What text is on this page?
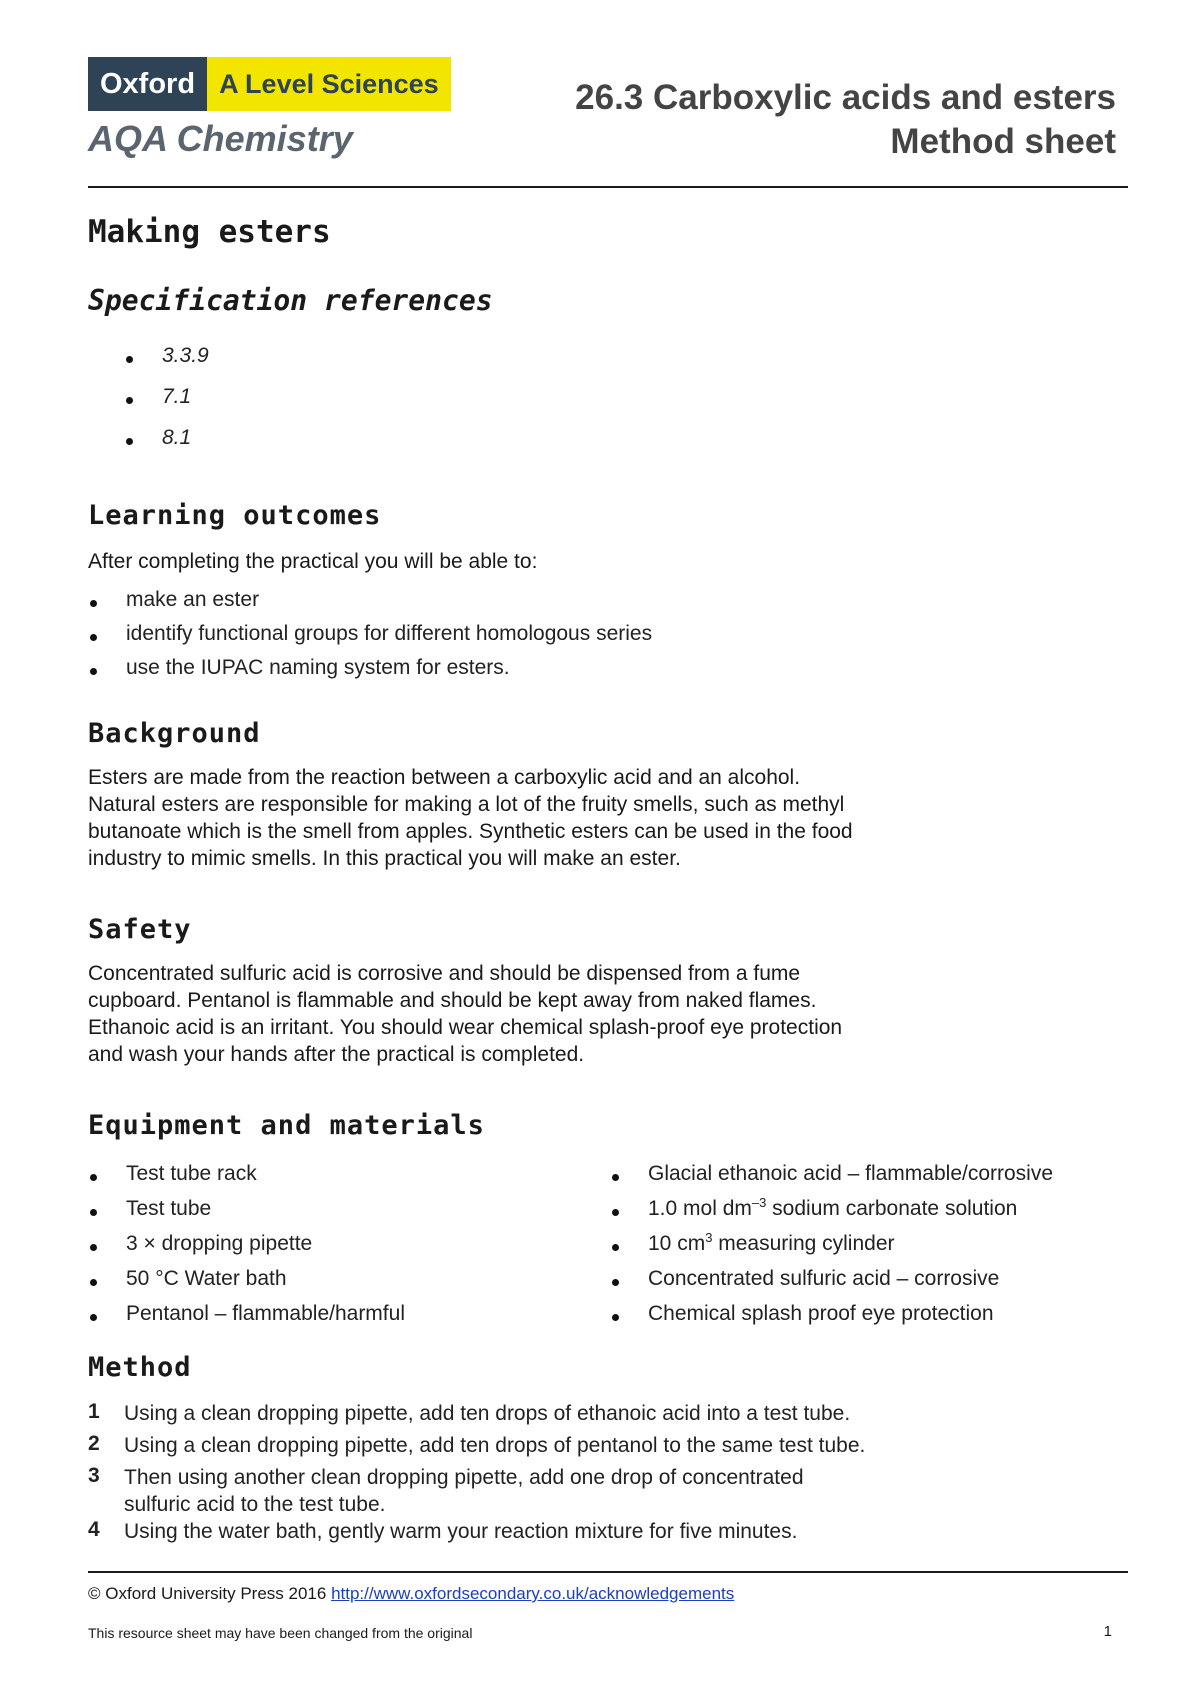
Oxford A Level Sciences
AQA Chemistry
26.3 Carboxylic acids and esters
Method sheet
Making esters
Specification references
3.3.9
7.1
8.1
Learning outcomes
After completing the practical you will be able to:
make an ester
identify functional groups for different homologous series
use the IUPAC naming system for esters.
Background
Esters are made from the reaction between a carboxylic acid and an alcohol.
Natural esters are responsible for making a lot of the fruity smells, such as methyl
butanoate which is the smell from apples. Synthetic esters can be used in the food
industry to mimic smells. In this practical you will make an ester.
Safety
Concentrated sulfuric acid is corrosive and should be dispensed from a fume
cupboard. Pentanol is flammable and should be kept away from naked flames.
Ethanoic acid is an irritant. You should wear chemical splash-proof eye protection
and wash your hands after the practical is completed.
Equipment and materials
Test tube rack
Test tube
3 × dropping pipette
50 °C Water bath
Pentanol – flammable/harmful
Glacial ethanoic acid – flammable/corrosive
1.0 mol $dm^{-3}$ sodium carbonate solution
10 $cm^3$ measuring cylinder
Concentrated sulfuric acid – corrosive
Chemical splash proof eye protection
Method
1 Using a clean dropping pipette, add ten drops of ethanoic acid into a test tube.
2 Using a clean dropping pipette, add ten drops of pentanol to the same test tube.
3 Then using another clean dropping pipette, add one drop of concentrated
sulfuric acid to the test tube.
4 Using the water bath, gently warm your reaction mixture for five minutes.
© Oxford University Press 2016 http://www.oxfordsecondary.co.uk/acknowledgements
This resource sheet may have been changed from the original	1
